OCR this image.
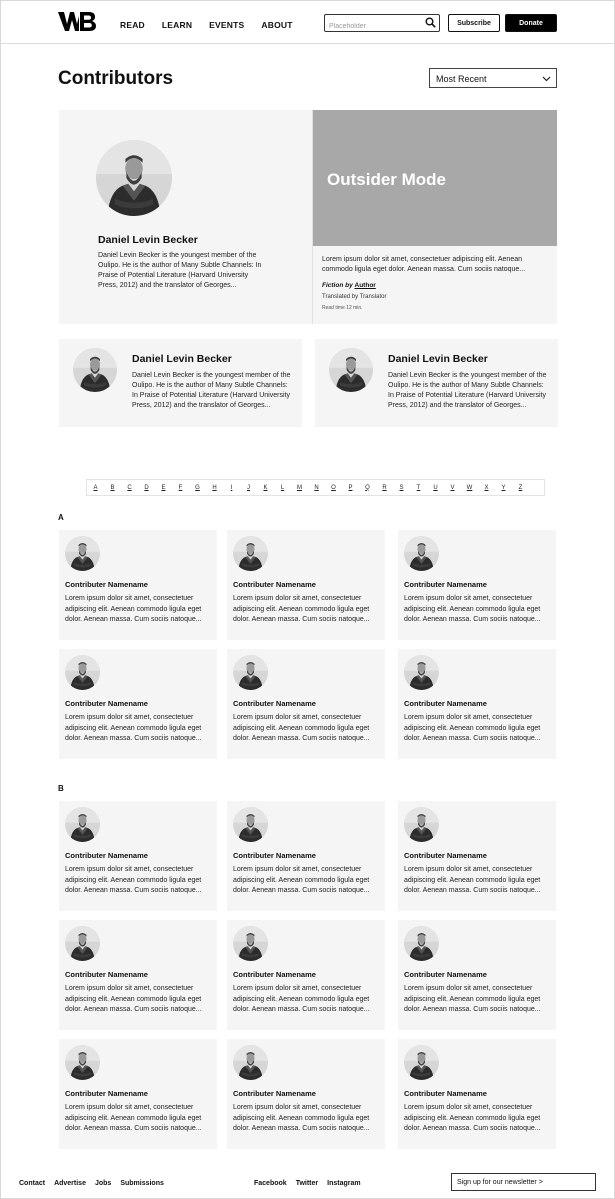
READ LEARN EVENTS ABOUT
Placeholder	Subscribe	Donate
Contributors	Most Recent
Daniel Levin Becker
Daniel Levin Becker is the youngest member of the Oulipo. He is the author of Many Subtle Channels: In Praise of Potential Literature (Harvard University Press, 2012) and the translator of Georges...
Outsider Mode
Lorem ipsum dolor sit amet, consectetuer adipiscing elit. Aenean commodo ligula eget dolor. Aenean massa. Cum sociis natoque...
Fiction by Author
Translated by Translator
Read time 12 min.
Daniel Levin Becker
Daniel Levin Becker is the youngest member of the Oulipo. He is the author of Many Subtle Channels: In Praise of Potential Literature (Harvard University Press, 2012) and the translator of Georges...
Daniel Levin Becker
Daniel Levin Becker is the youngest member of the Oulipo. He is the author of Many Subtle Channels: In Praise of Potential Literature (Harvard University Press, 2012) and the translator of Georges...
A	B	C	D	E	F	G	H	I	J	K	L	M	N	O	P	Q	R	S	T	U	V	W	X	Y	Z
A
Contributer Namename
Lorem ipsum dolor sit amet, consectetuer adipiscing elit. Aenean commodo ligula eget dolor. Aenean massa. Cum sociis natoque...
Contributer Namename
Lorem ipsum dolor sit amet, consectetuer adipiscing elit. Aenean commodo ligula eget dolor. Aenean massa. Cum sociis natoque...
Contributer Namename
Lorem ipsum dolor sit amet, consectetuer adipiscing elit. Aenean commodo ligula eget dolor. Aenean massa. Cum sociis natoque...
Contributer Namename
Lorem ipsum dolor sit amet, consectetuer adipiscing elit. Aenean commodo ligula eget dolor. Aenean massa. Cum sociis natoque...
Contributer Namename
Lorem ipsum dolor sit amet, consectetuer adipiscing elit. Aenean commodo ligula eget dolor. Aenean massa. Cum sociis natoque...
Contributer Namename
Lorem ipsum dolor sit amet, consectetuer adipiscing elit. Aenean commodo ligula eget dolor. Aenean massa. Cum sociis natoque...
B
Contributer Namename
Lorem ipsum dolor sit amet, consectetuer adipiscing elit. Aenean commodo ligula eget dolor. Aenean massa. Cum sociis natoque...
Contributer Namename
Lorem ipsum dolor sit amet, consectetuer adipiscing elit. Aenean commodo ligula eget dolor. Aenean massa. Cum sociis natoque...
Contributer Namename
Lorem ipsum dolor sit amet, consectetuer adipiscing elit. Aenean commodo ligula eget dolor. Aenean massa. Cum sociis natoque...
Contributer Namename
Lorem ipsum dolor sit amet, consectetuer adipiscing elit. Aenean commodo ligula eget dolor. Aenean massa. Cum sociis natoque...
Contributer Namename
Lorem ipsum dolor sit amet, consectetuer adipiscing elit. Aenean commodo ligula eget dolor. Aenean massa. Cum sociis natoque...
Contributer Namename
Lorem ipsum dolor sit amet, consectetuer adipiscing elit. Aenean commodo ligula eget dolor. Aenean massa. Cum sociis natoque...
Contributer Namename
Lorem ipsum dolor sit amet, consectetuer adipiscing elit. Aenean commodo ligula eget dolor. Aenean massa. Cum sociis natoque...
Contributer Namename
Lorem ipsum dolor sit amet, consectetuer adipiscing elit. Aenean commodo ligula eget dolor. Aenean massa. Cum sociis natoque...
Contributer Namename
Lorem ipsum dolor sit amet, consectetuer adipiscing elit. Aenean commodo ligula eget dolor. Aenean massa. Cum sociis natoque...
Contact Advertise Jobs Submissions	Facebook Twitter Instagram	Sign up for our newsletter >
